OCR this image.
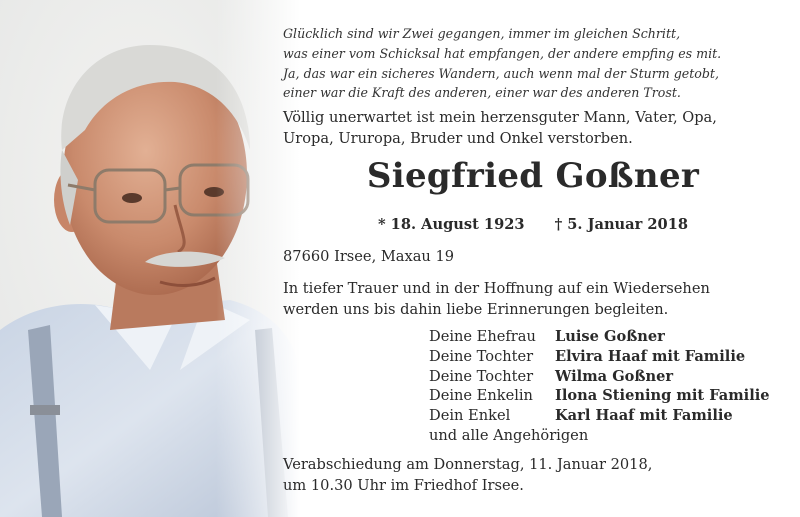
Glücklich sind wir Zwei gegangen, immer im gleichen Schritt,
was einer vom Schicksal hat empfangen, der andere empfing es mit.
Ja, das war ein sicheres Wandern, auch wenn mal der Sturm getobt,
einer war die Kraft des anderen, einer war des anderen Trost.
Völlig unerwartet ist mein herzensguter Mann, Vater, Opa,
Uropa, Ururopa, Bruder und Onkel verstorben.
Siegfried Goßner
* 18. August 1923 † 5. Januar 2018
87660 Irsee, Maxau 19
In tiefer Trauer und in der Hoffnung auf ein Wiedersehen
werden uns bis dahin liebe Erinnerungen begleiten.
Deine Ehefrau	Luise Goßner
Deine Tochter	Elvira Haaf mit Familie
Deine Tochter	Wilma Goßner
Deine Enkelin	Ilona Stiening mit Familie
Dein Enkel	Karl Haaf mit Familie
und alle Angehörigen
Verabschiedung am Donnerstag, 11. Januar 2018,
um 10.30 Uhr im Friedhof Irsee.
